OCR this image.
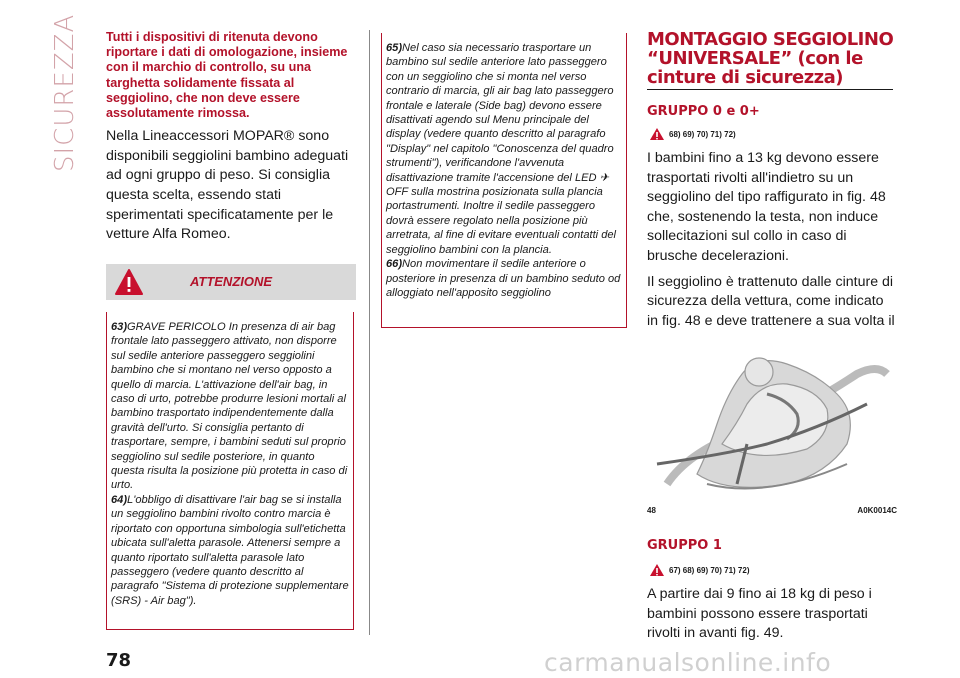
SICUREZZA Tutti i dispositivi di ritenuta devono riportare i dati di omologazione, insieme con il marchio di controllo, su una targhetta solidamente fissata al seggiolino, che non deve essere assolutamente rimossa.

Nella Lineaccessori MOPAR® sono disponibili seggiolini bambino adeguati ad ogni gruppo di peso. Si consiglia questa scelta, essendo stati sperimentati specificatamente per le vetture Alfa Romeo.

ATTENZIONE

63)GRAVE PERICOLO In presenza di air bag frontale lato passeggero attivato, non disporre sul sedile anteriore passeggero seggiolini bambino che si montano nel verso opposto a quello di marcia. L'attivazione dell'air bag, in caso di urto, potrebbe produrre lesioni mortali al bambino trasportato indipendentemente dalla gravità dell'urto. Si consiglia pertanto di trasportare, sempre, i bambini seduti sul proprio seggiolino sul sedile posteriore, in quanto questa risulta la posizione più protetta in caso di urto.

64)L'obbligo di disattivare l'air bag se si installa un seggiolino bambini rivolto contro marcia è riportato con opportuna simbologia sull'etichetta ubicata sull'aletta parasole. Attenersi sempre a quanto riportato sull'aletta parasole lato passeggero (vedere quanto descritto al paragrafo "Sistema di protezione supplementare (SRS) - Air bag").

65)Nel caso sia necessario trasportare un bambino sul sedile anteriore lato passeggero con un seggiolino che si monta nel verso contrario di marcia, gli air bag lato passeggero frontale e laterale (Side bag) devono essere disattivati agendo sul Menu principale del display (vedere quanto descritto al paragrafo "Display" nel capitolo "Conoscenza del quadro strumenti"), verificandone l'avvenuta disattivazione tramite l'accensione del LED ✈ OFF sulla mostrina posizionata sulla plancia portastrumenti. Inoltre il sedile passeggero dovrà essere regolato nella posizione più arretrata, al fine di evitare eventuali contatti del seggiolino bambini con la plancia.

66)Non movimentare il sedile anteriore o posteriore in presenza di un bambino seduto od alloggiato nell'apposito seggiolino

MONTAGGIO SEGGIOLINO “UNIVERSALE” (con le cinture di sicurezza)
GRUPPO 0 e 0+
68) 69) 70) 71) 72)

I bambini fino a 13 kg devono essere trasportati rivolti all'indietro su un seggiolino del tipo raffigurato in fig. 48 che, sostenendo la testa, non induce sollecitazioni sul collo in caso di brusche decelerazioni.

Il seggiolino è trattenuto dalle cinture di sicurezza della vettura, come indicato in fig. 48 e deve trattenere a sua volta il

48	A0K0014C
GRUPPO 1
67) 68) 69) 70) 71) 72)

A partire dai 9 fino ai 18 kg di peso i bambini possono essere trasportati rivolti in avanti fig. 49.

78	carmanualsonline.info
